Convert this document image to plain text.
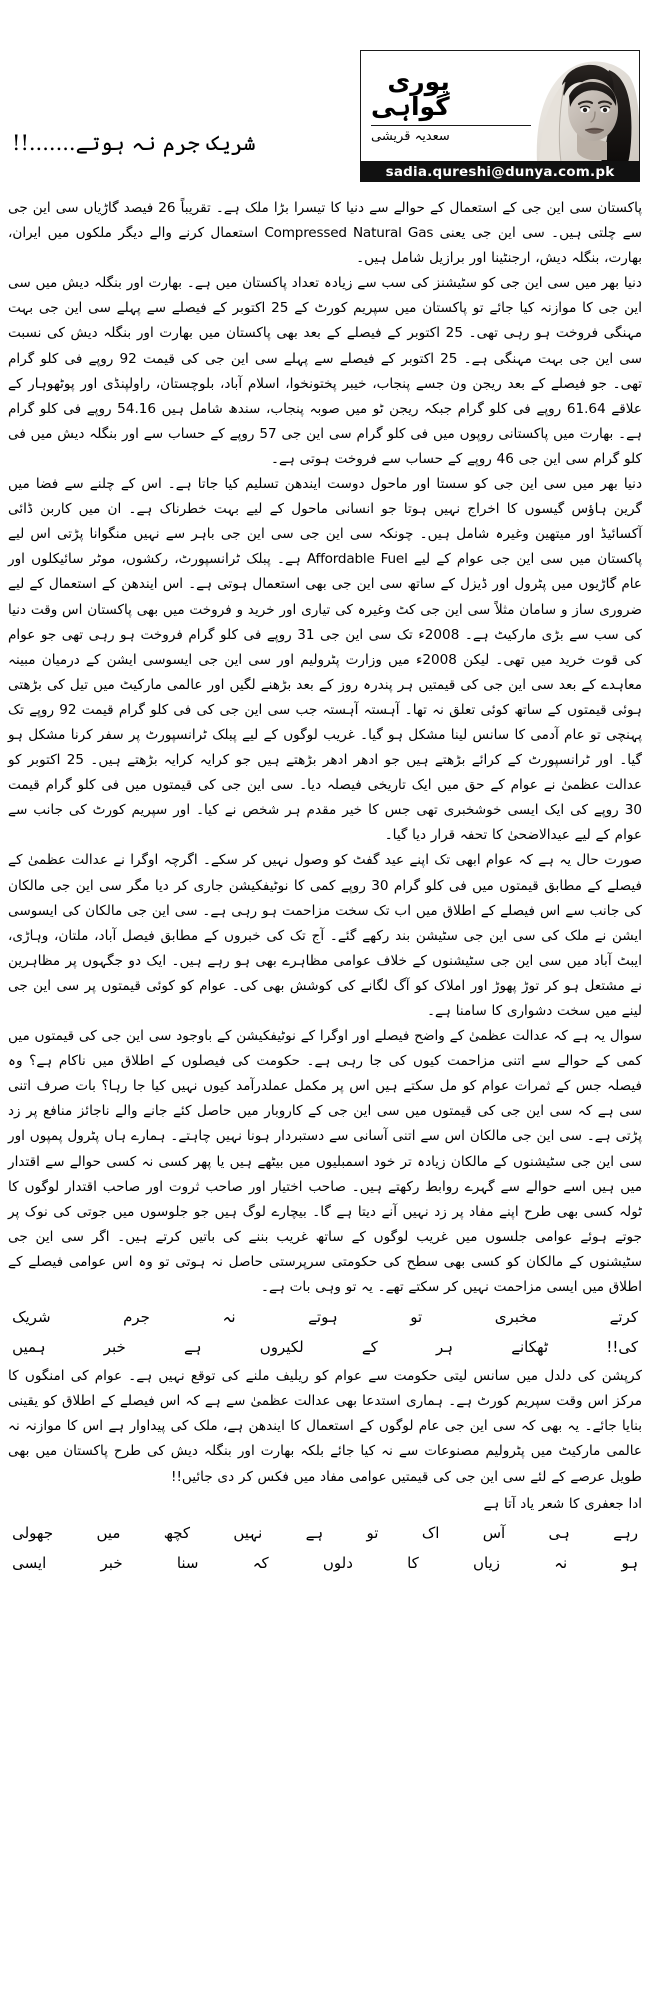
پوری
گواہی
سعدیہ قریشی
sadia.qureshi@dunya.com.pk
شریک جرم نہ ہوتے.......!!

پاکستان سی این جی کے استعمال کے حوالے سے دنیا کا تیسرا بڑا ملک ہے۔ تقریباً 26 فیصد گاڑیاں سی این جی سے چلتی ہیں۔ سی این جی یعنی Compressed Natural Gas استعمال کرنے والے دیگر ملکوں میں ایران، بھارت، بنگلہ دیش، ارجنٹینا اور برازیل شامل ہیں۔

دنیا بھر میں سی این جی کو سٹیشنز کی سب سے زیادہ تعداد پاکستان میں ہے۔ بھارت اور بنگلہ دیش میں سی این جی کا موازنہ کیا جائے تو پاکستان میں سپریم کورٹ کے 25 اکتوبر کے فیصلے سے پہلے سی این جی بہت مہنگی فروخت ہو رہی تھی۔ 25 اکتوبر کے فیصلے کے بعد بھی پاکستان میں بھارت اور بنگلہ دیش کی نسبت سی این جی بہت مہنگی ہے۔ 25 اکتوبر کے فیصلے سے پہلے سی این جی کی قیمت 92 روپے فی کلو گرام تھی۔ جو فیصلے کے بعد ریجن ون جسے پنجاب، خیبر پختونخوا، اسلام آباد، بلوچستان، راولپنڈی اور پوٹھوہار کے علاقے 61.64 روپے فی کلو گرام جبکہ ریجن ٹو میں صوبہ پنجاب، سندھ شامل ہیں 54.16 روپے فی کلو گرام ہے۔ بھارت میں پاکستانی روپوں میں فی کلو گرام سی این جی 57 روپے کے حساب سے اور بنگلہ دیش میں فی کلو گرام سی این جی 46 روپے کے حساب سے فروخت ہوتی ہے۔

دنیا بھر میں سی این جی کو سستا اور ماحول دوست ایندھن تسلیم کیا جاتا ہے۔ اس کے چلنے سے فضا میں گرین ہاؤس گیسوں کا اخراج نہیں ہوتا جو انسانی ماحول کے لیے بہت خطرناک ہے۔ ان میں کاربن ڈائی آکسائیڈ اور میتھین وغیرہ شامل ہیں۔ چونکہ سی این جی سی این جی باہر سے نہیں منگوانا پڑتی اس لیے پاکستان میں سی این جی عوام کے لیے Affordable Fuel ہے۔ پبلک ٹرانسپورٹ، رکشوں، موٹر سائیکلوں اور عام گاڑیوں میں پٹرول اور ڈیزل کے ساتھ سی این جی بھی استعمال ہوتی ہے۔ اس ایندھن کے استعمال کے لیے ضروری ساز و سامان مثلاً سی این جی کٹ وغیرہ کی تیاری اور خرید و فروخت میں بھی پاکستان اس وقت دنیا کی سب سے بڑی مارکیٹ ہے۔ 2008ء تک سی این جی 31 روپے فی کلو گرام فروخت ہو رہی تھی جو عوام کی قوت خرید میں تھی۔ لیکن 2008ء میں وزارت پٹرولیم اور سی این جی ایسوسی ایشن کے درمیان مبینہ معاہدے کے بعد سی این جی کی قیمتیں ہر پندرہ روز کے بعد بڑھنے لگیں اور عالمی مارکیٹ میں تیل کی بڑھتی ہوئی قیمتوں کے ساتھ کوئی تعلق نہ تھا۔ آہستہ آہستہ جب سی این جی کی فی کلو گرام قیمت 92 روپے تک پہنچی تو عام آدمی کا سانس لینا مشکل ہو گیا۔ غریب لوگوں کے لیے پبلک ٹرانسپورٹ پر سفر کرنا مشکل ہو گیا۔ اور ٹرانسپورٹ کے کرائے بڑھتے ہیں جو ادھر ادھر بڑھتے ہیں جو کرایہ کرایہ بڑھتے ہیں۔ 25 اکتوبر کو عدالت عظمیٰ نے عوام کے حق میں ایک تاریخی فیصلہ دیا۔ سی این جی کی قیمتوں میں فی کلو گرام قیمت 30 روپے کی ایک ایسی خوشخبری تھی جس کا خیر مقدم ہر شخص نے کیا۔ اور سپریم کورٹ کی جانب سے عوام کے لیے عیدالاضحیٰ کا تحفہ قرار دیا گیا۔

صورت حال یہ ہے کہ عوام ابھی تک اپنے عید گفٹ کو وصول نہیں کر سکے۔ اگرچہ اوگرا نے عدالت عظمیٰ کے فیصلے کے مطابق قیمتوں میں فی کلو گرام 30 روپے کمی کا نوٹیفکیشن جاری کر دیا مگر سی این جی مالکان کی جانب سے اس فیصلے کے اطلاق میں اب تک سخت مزاحمت ہو رہی ہے۔ سی این جی مالکان کی ایسوسی ایشن نے ملک کی سی این جی سٹیشن بند رکھے گئے۔ آج تک کی خبروں کے مطابق فیصل آباد، ملتان، وہاڑی، ایبٹ آباد میں سی این جی سٹیشنوں کے خلاف عوامی مظاہرے بھی ہو رہے ہیں۔ ایک دو جگہوں پر مظاہرین نے مشتعل ہو کر توڑ پھوڑ اور املاک کو آگ لگانے کی کوشش بھی کی۔ عوام کو کوئی قیمتوں پر سی این جی لینے میں سخت دشواری کا سامنا ہے۔

سوال یہ ہے کہ عدالت عظمیٰ کے واضح فیصلے اور اوگرا کے نوٹیفکیشن کے باوجود سی این جی کی قیمتوں میں کمی کے حوالے سے اتنی مزاحمت کیوں کی جا رہی ہے۔ حکومت کی فیصلوں کے اطلاق میں ناکام ہے؟ وہ فیصلہ جس کے ثمرات عوام کو مل سکتے ہیں اس پر مکمل عملدرآمد کیوں نہیں کیا جا رہا؟ بات صرف اتنی سی ہے کہ سی این جی کی قیمتوں میں سی این جی کے کاروبار میں حاصل کئے جانے والے ناجائز منافع پر زد پڑتی ہے۔ سی این جی مالکان اس سے اتنی آسانی سے دستبردار ہونا نہیں چاہتے۔ ہمارے ہاں پٹرول پمپوں اور سی این جی سٹیشنوں کے مالکان زیادہ تر خود اسمبلیوں میں بیٹھے ہیں یا پھر کسی نہ کسی حوالے سے اقتدار میں ہیں اسے حوالے سے گہرے روابط رکھتے ہیں۔ صاحب اختیار اور صاحب ثروت اور صاحب اقتدار لوگوں کا ٹولہ کسی بھی طرح اپنے مفاد پر زد نہیں آنے دیتا ہے گا۔ بیچارے لوگ ہیں جو جلوسوں میں جوتی کی نوک پر جوتے ہوئے عوامی جلسوں میں غریب لوگوں کے ساتھ غریب بننے کی باتیں کرتے ہیں۔ اگر سی این جی سٹیشنوں کے مالکان کو کسی بھی سطح کی حکومتی سرپرستی حاصل نہ ہوتی تو وہ اس عوامی فیصلے کے اطلاق میں ایسی مزاحمت نہیں کر سکتے تھے۔ یہ تو وہی بات ہے۔

کرتے
مخبری
تو
ہوتے
نہ
جرم
شریک
کی!!
ٹھکانے
ہر
کے
لکیروں
ہے
خبر
ہمیں

کرپشن کی دلدل میں سانس لیتی حکومت سے عوام کو ریلیف ملنے کی توقع نہیں ہے۔ عوام کی امنگوں کا مرکز اس وقت سپریم کورٹ ہے۔ ہماری استدعا بھی عدالت عظمیٰ سے ہے کہ اس فیصلے کے اطلاق کو یقینی بنایا جائے۔ یہ بھی کہ سی این جی عام لوگوں کے استعمال کا ایندھن ہے، ملک کی پیداوار ہے اس کا موازنہ نہ عالمی مارکیٹ میں پٹرولیم مصنوعات سے نہ کیا جائے بلکہ بھارت اور بنگلہ دیش کی طرح پاکستان میں بھی طویل عرصے کے لئے سی این جی کی قیمتیں عوامی مفاد میں فکس کر دی جائیں!!

ادا جعفری کا شعر یاد آتا ہے
رہے
ہی
آس
اک
تو
ہے
نہیں
کچھ
میں
جھولی
ہو
نہ
زیاں
کا
دلوں
کہ
سنا
خبر
ایسی
